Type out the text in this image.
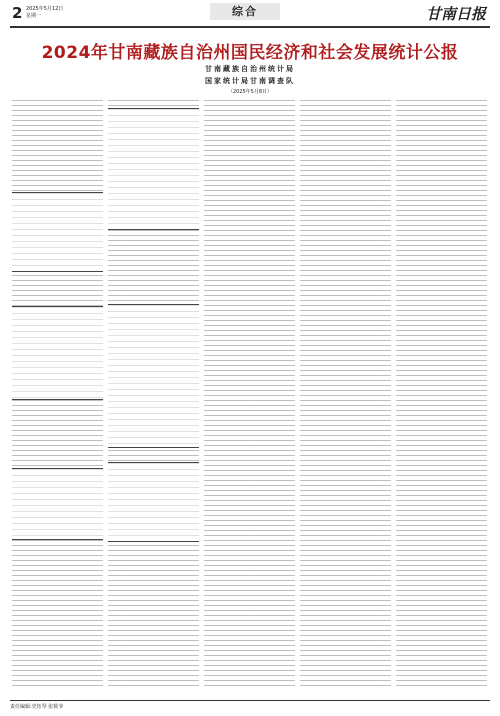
2 2025年5月12日
星期一	综合	甘南日报
2024年甘南藏族自治州国民经济和社会发展统计公报
甘南藏族自治州统计局
国家统计局甘南调查队
（2025年5月8日）
责任编辑:史钰琴 张筱爷
